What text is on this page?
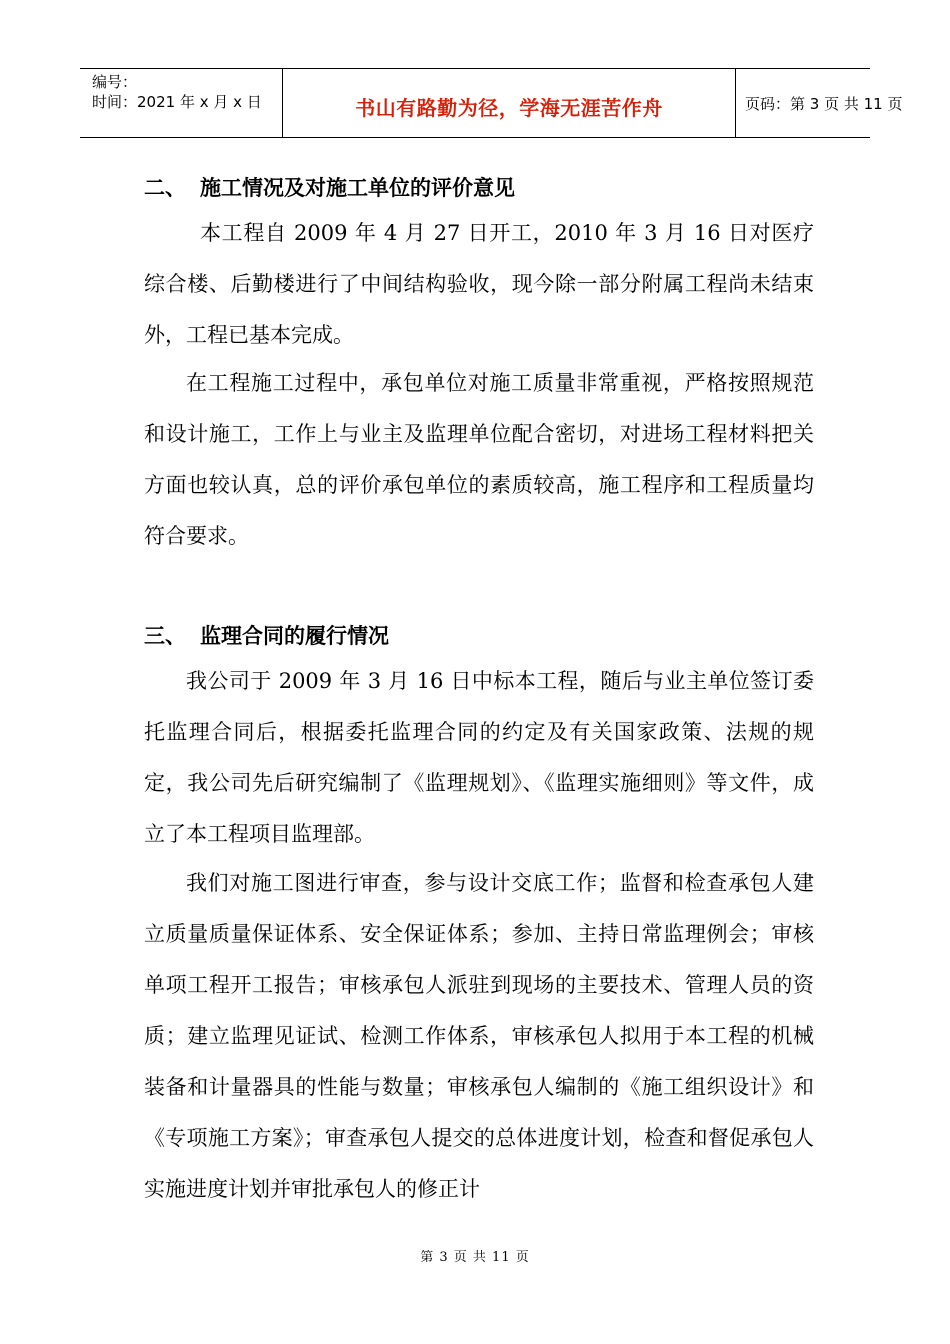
编号：
时间：2021 年 x 月 x 日	书山有路勤为径，学海无涯苦作舟	页码：第 3 页 共 11 页
二、 施工情况及对施工单位的评价意见

本工程自 2009 年 4 月 27 日开工，2010 年 3 月 16 日对医疗综合楼、后勤楼进行了中间结构验收，现今除一部分附属工程尚未结束外，工程已基本完成。

在工程施工过程中，承包单位对施工质量非常重视，严格按照规范和设计施工，工作上与业主及监理单位配合密切，对进场工程材料把关方面也较认真，总的评价承包单位的素质较高，施工程序和工程质量均符合要求。

三、 监理合同的履行情况

我公司于 2009 年 3 月 16 日中标本工程，随后与业主单位签订委托监理合同后，根据委托监理合同的约定及有关国家政策、法规的规定，我公司先后研究编制了《监理规划》、《监理实施细则》等文件，成立了本工程项目监理部。

我们对施工图进行审查，参与设计交底工作；监督和检查承包人建立质量质量保证体系、安全保证体系；参加、主持日常监理例会；审核单项工程开工报告；审核承包人派驻到现场的主要技术、管理人员的资质；建立监理见证试、检测工作体系，审核承包人拟用于本工程的机械装备和计量器具的性能与数量；审核承包人编制的《施工组织设计》和《专项施工方案》；审查承包人提交的总体进度计划，检查和督促承包人实施进度计划并审批承包人的修正计

第 3 页 共 11 页
